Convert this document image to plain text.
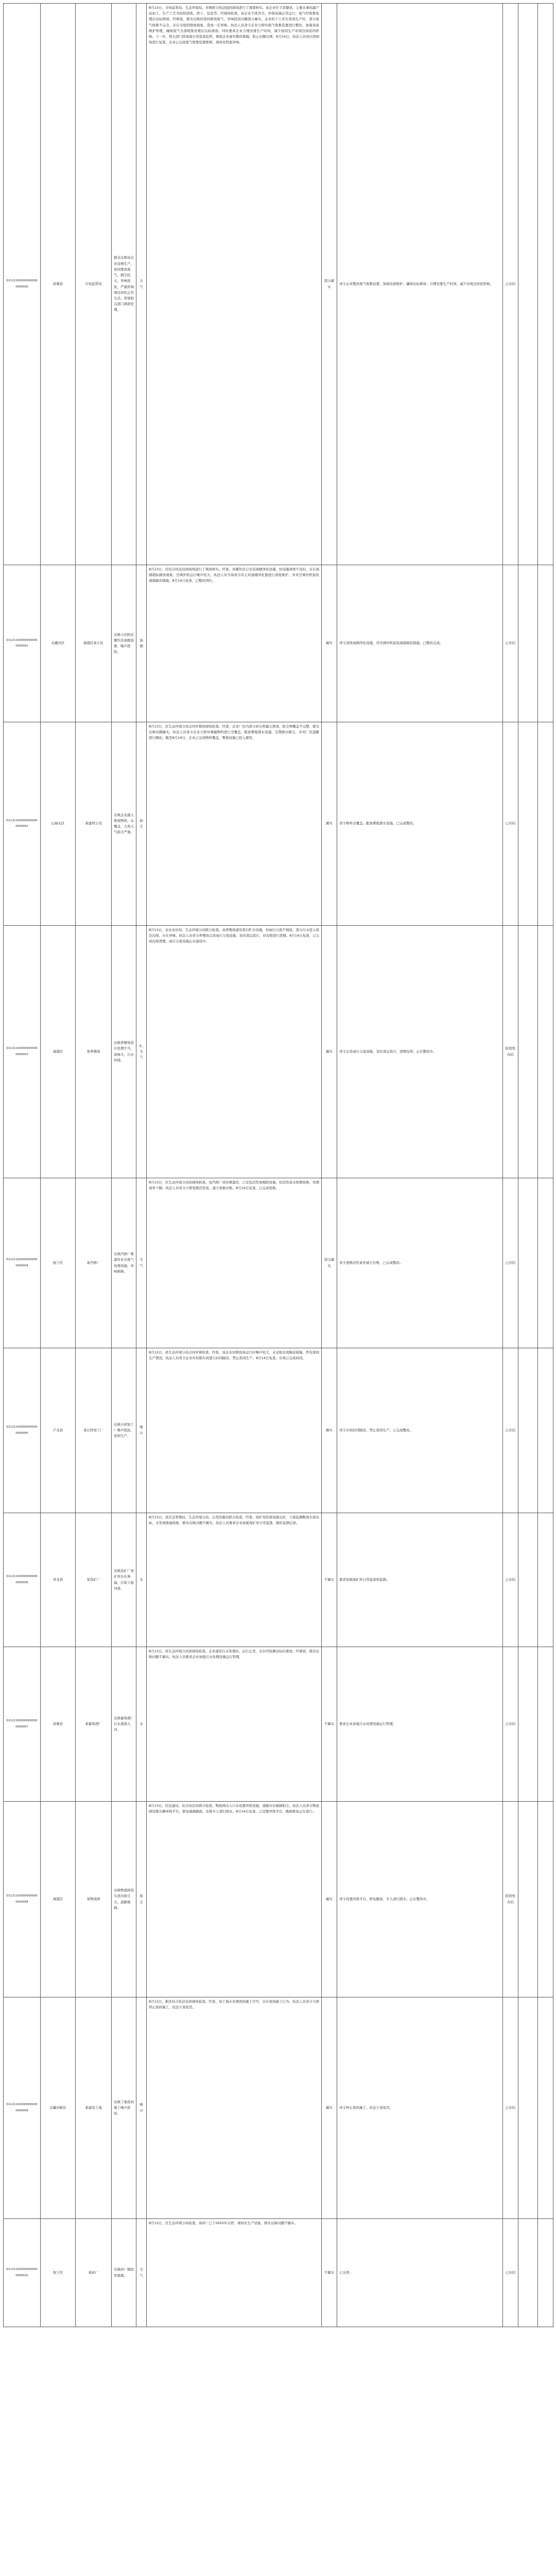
D11211000000000000000000	昌黎县	市场监管局	群众反映该企业违规生产，夜间排放废气，烟尘较大，异味扰民，严重影响周边居民正常生活，希望相关部门调查处理。	大气	8月13日，市场监管局、生态环境局、乡镇联合执法组到现场进行了调查核实。该企业位于昌黎县，主要从事农副产品加工，生产工艺为原料清洗、烘干、包装等。经现场检查，该企业手续齐全，环保设施正常运行，废气经收集处理后达标排放。经调查，群众反映的夜间排放废气、异味扰民问题部分属实。企业烘干工序在夜间生产时，部分废气收集不完全，存在无组织排放现象，造成一定异味。执法人员责令企业立即对废气收集装置进行整改，加强设备维护管理，确保废气全部收集处理后达标排放。同时要求企业合理安排生产时间，减少夜间生产对周边居民的影响。下一步，相关部门将加强日常巡查监管，督促企业落实整改措施，防止问题反弹。8月14日，执法人员再次到现场进行复查，企业已完成废气收集装置维修，现场无明显异味。	部分属实	责令企业整改废气收集装置，加强设备维护，确保达标排放；合理安排生产时间，减少对周边居民影响。	已办结		
D11211000000000000000001	北戴河区	海港区某小区	反映小区附近餐饮店油烟直排，噪声扰民。	油烟	8月13日，区综合执法局到现场进行了调查核实。经查，该餐饮店已安装油烟净化设施，但设施清洗不及时，存在油烟超标排放现象；空调外机运行噪声较大。执法人员当场责令店主对油烟净化器进行清洗维护，并对空调外机加装减震隔音措施。8月14日复查，已整改到位。	属实	责令清洗油烟净化设施，对空调外机加装减震隔音措施，已整改完成。	已办结		
D11211000000000000000002	山海关区	某建材公司	反映企业露天堆放物料，未覆盖，大风天气扬尘严重。	扬尘	8月13日，区生态环境分局会同乡镇到现场检查。经查，企业厂区内部分砂石料露天堆放，防尘网覆盖不完整，群众反映问题属实。执法人员责令企业立即对裸露物料进行全覆盖，配备雾炮洒水设施，定期洒水降尘，并对厂区道路进行硬化。截至8月14日，企业已完成物料覆盖，雾炮设施已投入使用。	属实	责令物料全覆盖、配备雾炮洒水设施，已完成整改。	已办结		
D11211000000000000000003	海港区	某养殖场	反映养殖场粪污处理不当，臭味大，污水外排。	水、大气	8月13日，农业农村局、生态环境分局联合检查。该养殖场建有粪污贮存设施，但雨污分流不彻底，部分污水进入周边沟渠，存在异味。执法人员责令养殖场完善雨污分流设施，及时清运粪污，对沟渠进行清理。8月14日复查，已完成沟渠清理，雨污分流设施正在建设中。	属实	责令完善雨污分流设施，及时清运粪污，清理沟渠；正在整改中。	阶段性办结		
D11211000000000000000004	抚宁区	某汽修厂	反映汽修厂喷漆作业无废气处理设施，异味刺鼻。	大气	8月13日，区生态环境分局到现场核查。该汽修厂设有喷漆房，已安装活性炭吸附设施，但活性炭未按期更换，处理效率下降。执法人员责令立即更换活性炭，建立更换台账。8月14日复查，已完成更换。	部分属实	责令更换活性炭并建立台账，已完成整改。	已办结		
D11211000000000000000005	卢龙县	某石材加工厂	反映石材加工厂噪声扰民，夜间生产。	噪声	8月13日，县生态环境分局会同乡镇检查。经查，该企业切割设备运行时噪声较大，未采取有效隔音措施，曾有夜间生产情况。执法人员责令企业对切割车间进行封闭隔音，禁止夜间生产。8月14日复查，车间已完成封闭。	属实	责令车间封闭隔音，禁止夜间生产，已完成整改。	已办结		
D11211000000000000000006	青龙县	某选矿厂	反映选矿厂尾矿库存在渗漏，污染下游河道。	水	8月13日，县应急管理局、生态环境分局、自然资源局联合检查。经查，尾矿库防渗设施完好，下游监测断面水质达标，未发现渗漏现象，群众反映问题不属实。执法人员要求企业加强尾矿库日常巡查，做好监测记录。	不属实	要求加强尾矿库日常巡查和监测。	已办结		
D11211000000000000000007	昌黎县	某葡萄酒厂	反映葡萄酒厂污水直排入河。	水	8月13日，县生态环境分局到现场检查。企业建有污水处理站，运行正常，出水经检测达标后排放。经调查，群众反映问题不属实。执法人员要求企业加强污水处理设施运行管理。	不属实	要求企业加强污水处理设施运行管理。	已办结		
D11211000000000000000008	海港区	某物流园	反映物流园货车进出扬尘大，道路破损。	扬尘	8月13日，区住建局、综合执法局联合检查。物流园出入口未设置冲洗设施，道路存在破损积尘。执法人员责令物流园设置车辆冲洗平台，修复破损路面，安排专人清扫洒水。8月14日复查，已设置冲洗平台，路面修复正在进行。	属实	责令设置冲洗平台、修复路面、专人清扫洒水；正在整改中。	阶段性办结		
D11211000000000000000009	北戴河新区	某建设工地	反映工地夜间施工噪声扰民。	噪声	8月13日，新区综合执法局到现场检查。经查，该工地未办理夜间施工许可，存在夜间施工行为。执法人员责令立即停止夜间施工，依法立案处罚。	属实	责令停止夜间施工，依法立案处罚。	已办结		
D11211000000000000000010	抚宁区	某砖厂	反映砖厂烟囱冒黑烟。	大气	8月13日，区生态环境分局检查。该砖厂已于2020年关停，现场无生产迹象，群众反映问题不属实。	不属实	已关停。	已办结		
